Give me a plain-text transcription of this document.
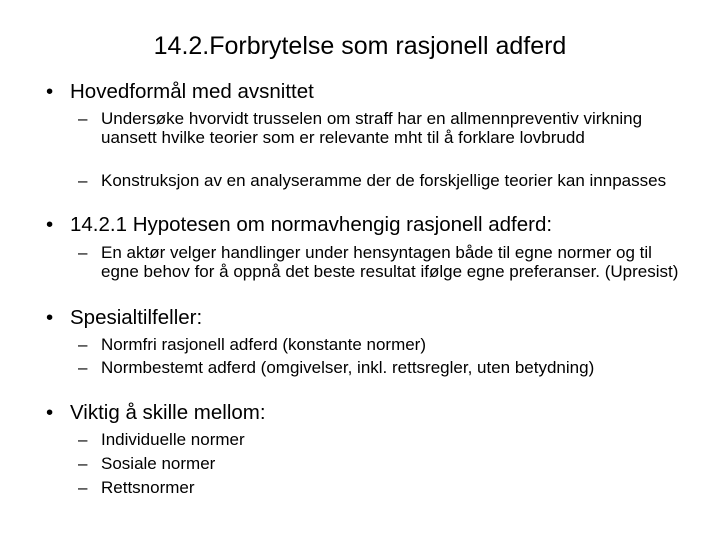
14.2.Forbrytelse som rasjonell adferd
• Hovedformål med avsnittet
– Undersøke hvorvidt trusselen om straff har en allmennpreventiv virkning uansett hvilke teorier som er relevante mht til å forklare lovbrudd
– Konstruksjon av en analyseramme der de forskjellige teorier kan innpasses
• 14.2.1 Hypotesen om normavhengig rasjonell adferd:
– En aktør velger handlinger under hensyntagen både til egne normer og til egne behov for å oppnå det beste resultat ifølge egne preferanser. (Upresist)
• Spesialtilfeller:
– Normfri rasjonell adferd (konstante normer)
– Normbestemt adferd (omgivelser, inkl. rettsregler, uten betydning)
• Viktig å skille mellom:
– Individuelle normer
– Sosiale normer
– Rettsnormer
